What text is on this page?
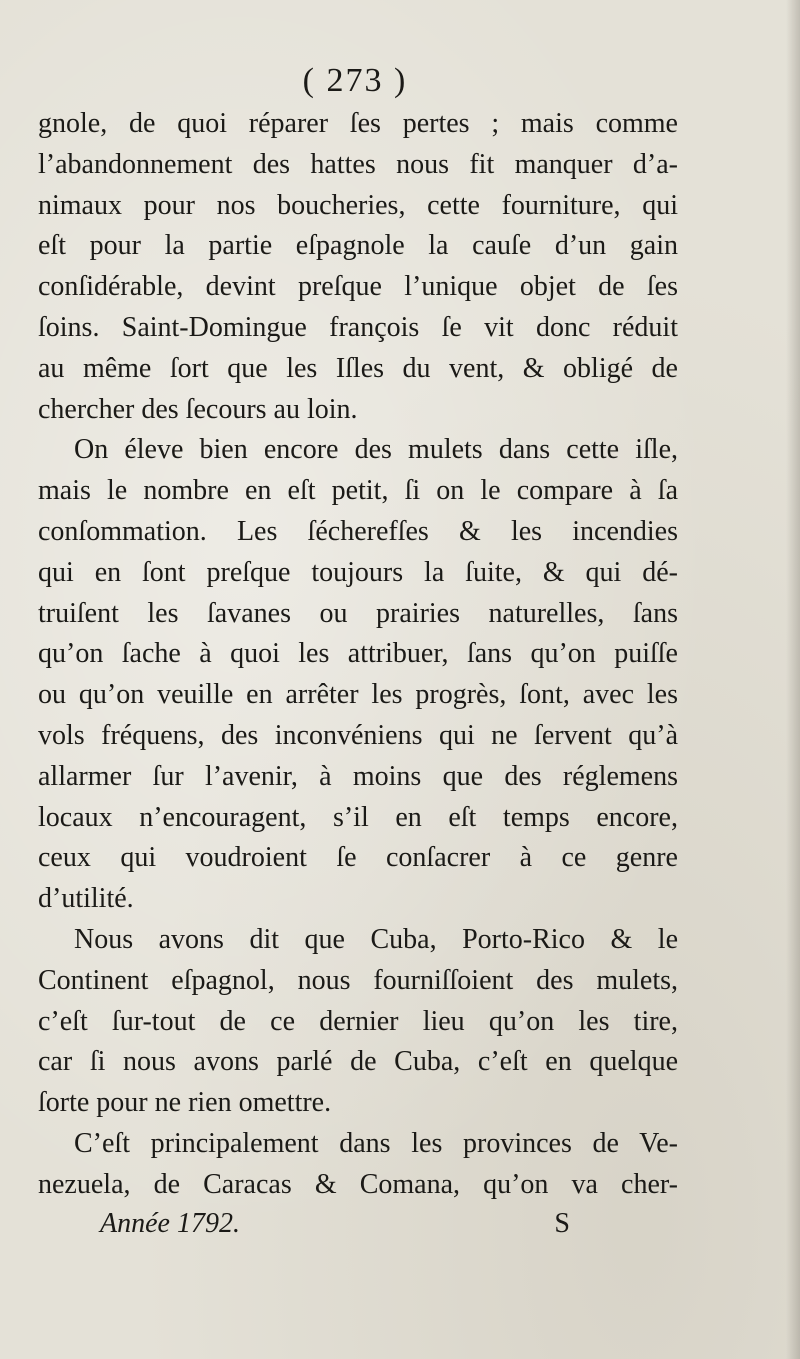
( 273 )
gnole, de quoi réparer ſes pertes ; mais comme
l’abandonnement des hattes nous fit manquer d’a-
nimaux pour nos boucheries, cette fourniture, qui
eſt pour la partie eſpagnole la cauſe d’un gain
conſidérable, devint preſque l’unique objet de ſes
ſoins. Saint-Domingue françois ſe vit donc réduit
au même ſort que les Iſles du vent, & obligé de
chercher des ſecours au loin.
On éleve bien encore des mulets dans cette iſle,
mais le nombre en eſt petit, ſi on le compare à ſa
conſommation. Les ſécherefſes & les incendies
qui en ſont preſque toujours la ſuite, & qui dé-
truiſent les ſavanes ou prairies naturelles, ſans
qu’on ſache à quoi les attribuer, ſans qu’on puiſſe
ou qu’on veuille en arrêter les progrès, ſont, avec les
vols fréquens, des inconvéniens qui ne ſervent qu’à
allarmer ſur l’avenir, à moins que des réglemens
locaux n’encouragent, s’il en eſt temps encore,
ceux qui voudroient ſe conſacrer à ce genre
d’utilité.
Nous avons dit que Cuba, Porto-Rico & le
Continent eſpagnol, nous fourniſſoient des mulets,
c’eſt ſur-tout de ce dernier lieu qu’on les tire,
car ſi nous avons parlé de Cuba, c’eſt en quelque
ſorte pour ne rien omettre.
C’eſt principalement dans les provinces de Ve-
nezuela, de Caracas & Comana, qu’on va cher-
Année 1792.	S
